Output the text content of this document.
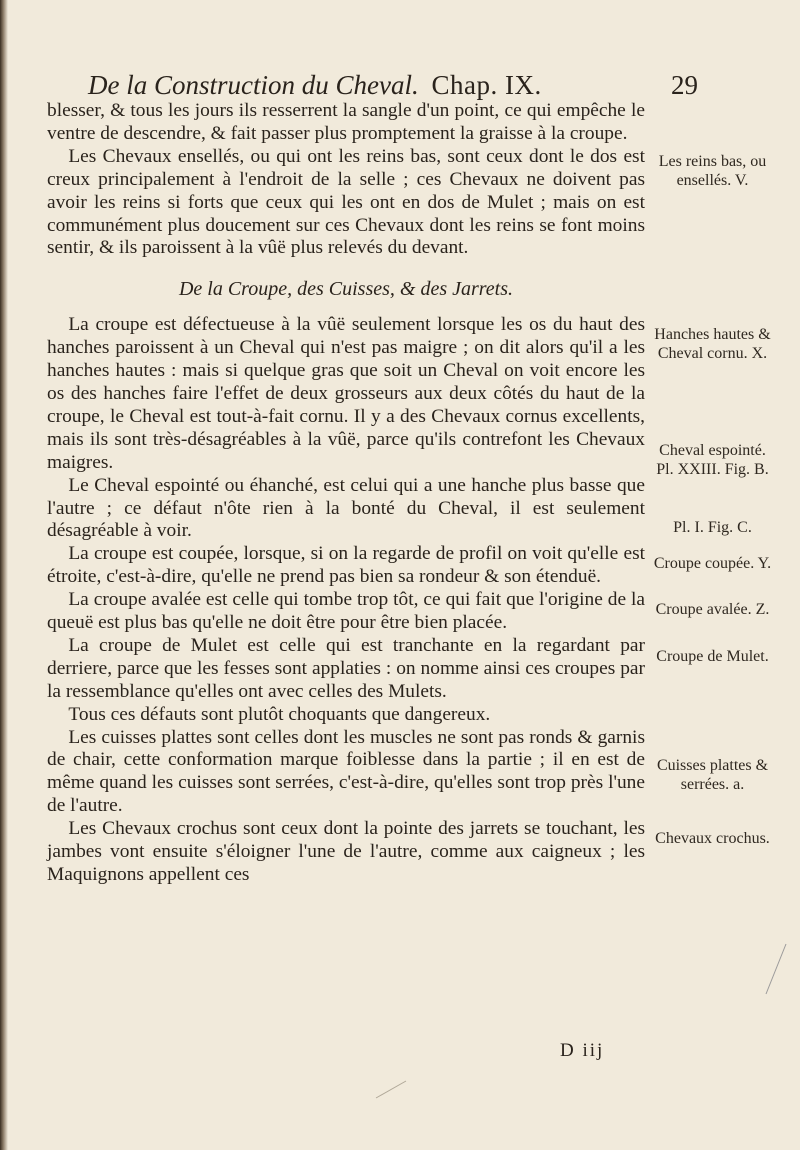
De la Construction du Cheval. Chap. IX.	29

blesser, & tous les jours ils resserrent la sangle d'un point, ce qui empêche le ventre de descendre, & fait passer plus promptement la graisse à la croupe.

Les Chevaux ensellés, ou qui ont les reins bas, sont ceux dont le dos est creux principalement à l'endroit de la selle ; ces Chevaux ne doivent pas avoir les reins si forts que ceux qui les ont en dos de Mulet ; mais on est communément plus doucement sur ces Chevaux dont les reins se font moins sentir, & ils paroissent à la vûë plus relevés du devant.

De la Croupe, des Cuisses, & des Jarrets.

La croupe est défectueuse à la vûë seulement lorsque les os du haut des hanches paroissent à un Cheval qui n'est pas maigre ; on dit alors qu'il a les hanches hautes : mais si quelque gras que soit un Cheval on voit encore les os des hanches faire l'effet de deux grosseurs aux deux côtés du haut de la croupe, le Cheval est tout-à-fait cornu. Il y a des Chevaux cornus excellents, mais ils sont très-désagréables à la vûë, parce qu'ils contrefont les Chevaux maigres.

Le Cheval espointé ou éhanché, est celui qui a une hanche plus basse que l'autre ; ce défaut n'ôte rien à la bonté du Cheval, il est seulement désagréable à voir.

La croupe est coupée, lorsque, si on la regarde de profil on voit qu'elle est étroite, c'est-à-dire, qu'elle ne prend pas bien sa rondeur & son étenduë.

La croupe avalée est celle qui tombe trop tôt, ce qui fait que l'origine de la queuë est plus bas qu'elle ne doit être pour être bien placée.

La croupe de Mulet est celle qui est tranchante en la regardant par derriere, parce que les fesses sont applaties : on nomme ainsi ces croupes par la ressemblance qu'elles ont avec celles des Mulets.

Tous ces défauts sont plutôt choquants que dangereux.

Les cuisses plattes sont celles dont les muscles ne sont pas ronds & garnis de chair, cette conformation marque foiblesse dans la partie ; il en est de même quand les cuisses sont serrées, c'est-à-dire, qu'elles sont trop près l'une de l'autre.

Les Chevaux crochus sont ceux dont la pointe des jarrets se touchant, les jambes vont ensuite s'éloigner l'une de l'autre, comme aux caigneux ; les Maquignons appellent ces

Les reins bas, ou ensellés. V.
Hanches hautes & Cheval cornu. X.
Cheval espointé. Pl. XXIII. Fig. B.
Pl. I. Fig. C.
Croupe coupée. Y.
Croupe avalée. Z.
Croupe de Mulet.
Cuisses plattes & serrées. a.
Chevaux crochus.
D iij
